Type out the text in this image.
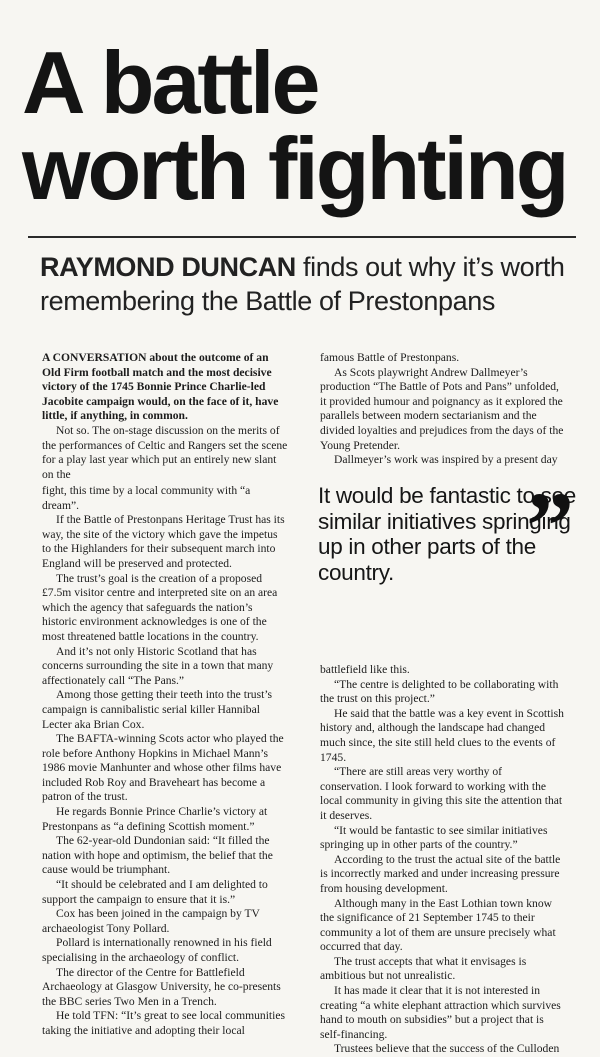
A battle
worth fighting

RAYMOND DUNCAN finds out why it’s worth
remembering the Battle of Prestonpans

A CONVERSATION about the outcome of an Old Firm football match and the most decisive victory of the 1745 Bonnie Prince Charlie-led Jacobite campaign would, on the face of it, have little, if anything, in common.

Not so. The on-stage discussion on the merits of the performances of Celtic and Rangers set the scene for a play last year which put an entirely new slant on the

famous Battle of Prestonpans.

As Scots playwright Andrew Dallmeyer’s production “The Battle of Pots and Pans” unfolded, it provided humour and poignancy as it explored the parallels between modern sectarianism and the divided loyalties and prejudices from the days of the Young Pretender.

Dallmeyer’s work was inspired by a present day

fight, this time by a local community with “a dream”.

If the Battle of Prestonpans Heritage Trust has its way, the site of the victory which gave the impetus to the Highlanders for their subsequent march into England will be preserved and protected.

The trust’s goal is the creation of a proposed £7.5m visitor centre and interpreted site on an area which the agency that safeguards the nation’s historic environment acknowledges is one of the most threatened battle locations in the country.

And it’s not only Historic Scotland that has concerns surrounding the site in a town that many affectionately call “The Pans.”

Among those getting their teeth into the trust’s campaign is cannibalistic serial killer Hannibal Lecter aka Brian Cox.

The BAFTA-winning Scots actor who played the role before Anthony Hopkins in Michael Mann’s 1986 movie Manhunter and whose other films have included Rob Roy and Braveheart has become a patron of the trust.

He regards Bonnie Prince Charlie’s victory at Prestonpans as “a defining Scottish moment.”

The 62-year-old Dundonian said: “It filled the nation with hope and optimism, the belief that the cause would be triumphant.

“It should be celebrated and I am delighted to support the campaign to ensure that it is.”

Cox has been joined in the campaign by TV archaeologist Tony Pollard.

Pollard is internationally renowned in his field specialising in the archaeology of conflict.

The director of the Centre for Battlefield Archaeology at Glasgow University, he co-presents the BBC series Two Men in a Trench.

He told TFN: “It’s great to see local communities taking the initiative and adopting their local

It would be fantastic to see similar initiatives springing up in other parts of the country.	”

battlefield like this.

“The centre is delighted to be collaborating with the trust on this project.”

He said that the battle was a key event in Scottish history and, although the landscape had changed much since, the site still held clues to the events of 1745.

“There are still areas very worthy of conservation. I look forward to working with the local community in giving this site the attention that it deserves.

“It would be fantastic to see similar initiatives springing up in other parts of the country.”

According to the trust the actual site of the battle is incorrectly marked and under increasing pressure from housing development.

Although many in the East Lothian town know the significance of 21 September 1745 to their community a lot of them are unsure precisely what occurred that day.

The trust accepts that what it envisages is ambitious but not unrealistic.

It has made it clear that it is not interested in creating “a white elephant attraction which survives hand to mouth on subsidies” but a project that is self-financing.

Trustees believe that the success of the Culloden
